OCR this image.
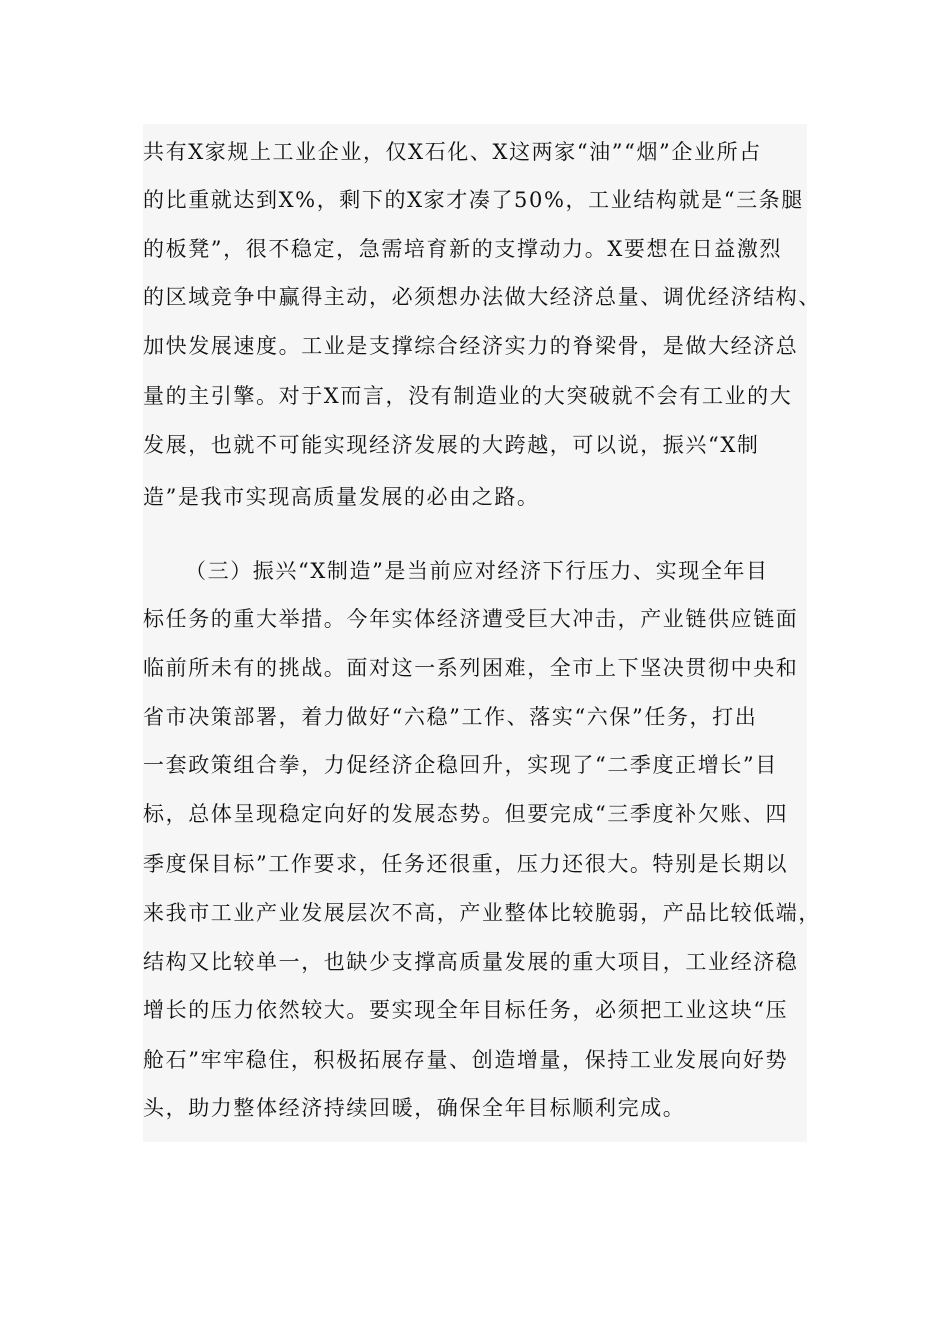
共有X家规上工业企业，仅X石化、X这两家“油”“烟”企业所占
的比重就达到X%，剩下的X家才凑了50%，工业结构就是“三条腿
的板凳”，很不稳定，急需培育新的支撑动力。X要想在日益激烈
的区域竞争中赢得主动，必须想办法做大经济总量、调优经济结构、
加快发展速度。工业是支撑综合经济实力的脊梁骨，是做大经济总
量的主引擎。对于X而言，没有制造业的大突破就不会有工业的大
发展，也就不可能实现经济发展的大跨越，可以说，振兴“X制
造”是我市实现高质量发展的必由之路。
（三）振兴“X制造”是当前应对经济下行压力、实现全年目
标任务的重大举措。今年实体经济遭受巨大冲击，产业链供应链面
临前所未有的挑战。面对这一系列困难，全市上下坚决贯彻中央和
省市决策部署，着力做好“六稳”工作、落实“六保”任务，打出
一套政策组合拳，力促经济企稳回升，实现了“二季度正增长”目
标，总体呈现稳定向好的发展态势。但要完成“三季度补欠账、四
季度保目标”工作要求，任务还很重，压力还很大。特别是长期以
来我市工业产业发展层次不高，产业整体比较脆弱，产品比较低端，
结构又比较单一，也缺少支撑高质量发展的重大项目，工业经济稳
增长的压力依然较大。要实现全年目标任务，必须把工业这块“压
舱石”牢牢稳住，积极拓展存量、创造增量，保持工业发展向好势
头，助力整体经济持续回暖，确保全年目标顺利完成。
